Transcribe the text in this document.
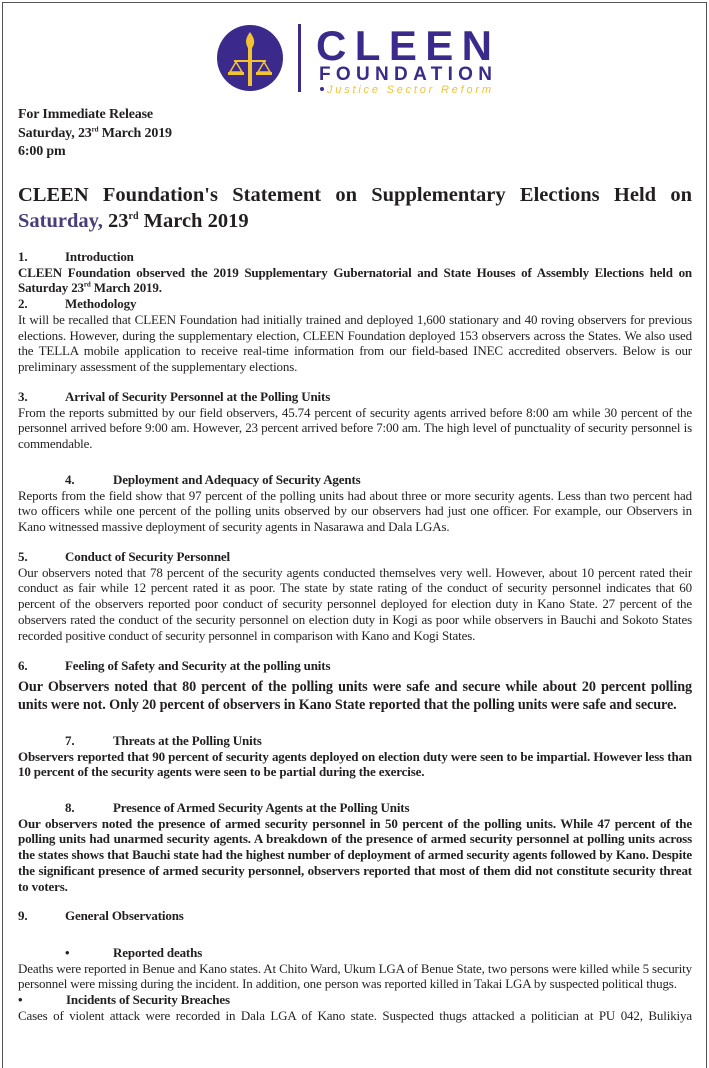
CLEEN
FOUNDATION
Justice Sector Reform
For Immediate Release
Saturday, 23rd March 2019
6:00 pm
CLEEN Foundation's Statement on Supplementary Elections Held on
Saturday, 23rd March 2019
1.	Introduction
CLEEN Foundation observed the 2019 Supplementary Gubernatorial and State Houses of Assembly Elections held on Saturday 23rd March 2019.
2.	Methodology
It will be recalled that CLEEN Foundation had initially trained and deployed 1,600 stationary and 40 roving observers for previous elections. However, during the supplementary election, CLEEN Foundation deployed 153 observers across the States. We also used the TELLA mobile application to receive real-time information from our field-based INEC accredited observers. Below is our preliminary assessment of the supplementary elections.
3.	Arrival of Security Personnel at the Polling Units
From the reports submitted by our field observers, 45.74 percent of security agents arrived before 8:00 am while 30 percent of the personnel arrived before 9:00 am. However, 23 percent arrived before 7:00 am. The high level of punctuality of security personnel is commendable.
4.	Deployment and Adequacy of Security Agents
Reports from the field show that 97 percent of the polling units had about three or more security agents. Less than two percent had two officers while one percent of the polling units observed by our observers had just one officer. For example, our Observers in Kano witnessed massive deployment of security agents in Nasarawa and Dala LGAs.
5.	Conduct of Security Personnel
Our observers noted that 78 percent of the security agents conducted themselves very well. However, about 10 percent rated their conduct as fair while 12 percent rated it as poor. The state by state rating of the conduct of security personnel indicates that 60 percent of the observers reported poor conduct of security personnel deployed for election duty in Kano State. 27 percent of the observers rated the conduct of the security personnel on election duty in Kogi as poor while observers in Bauchi and Sokoto States recorded positive conduct of security personnel in comparison with Kano and Kogi States.
6.	Feeling of Safety and Security at the polling units
Our Observers noted that 80 percent of the polling units were safe and secure while about 20 percent polling units were not. Only 20 percent of observers in Kano State reported that the polling units were safe and secure.
7.	Threats at the Polling Units
Observers reported that 90 percent of security agents deployed on election duty were seen to be impartial. However less than 10 percent of the security agents were seen to be partial during the exercise.
8.	Presence of Armed Security Agents at the Polling Units
Our observers noted the presence of armed security personnel in 50 percent of the polling units. While 47 percent of the polling units had unarmed security agents. A breakdown of the presence of armed security personnel at polling units across the states shows that Bauchi state had the highest number of deployment of armed security agents followed by Kano. Despite the significant presence of armed security personnel, observers reported that most of them did not constitute security threat to voters.
9.	General Observations
•	Reported deaths
Deaths were reported in Benue and Kano states. At Chito Ward, Ukum LGA of Benue State, two persons were killed while 5 security personnel were missing during the incident. In addition, one person was reported killed in Takai LGA by suspected political thugs.
•	Incidents of Security Breaches
Cases of violent attack were recorded in Dala LGA of Kano state. Suspected thugs attacked a politician at PU 042, Bulikiya
